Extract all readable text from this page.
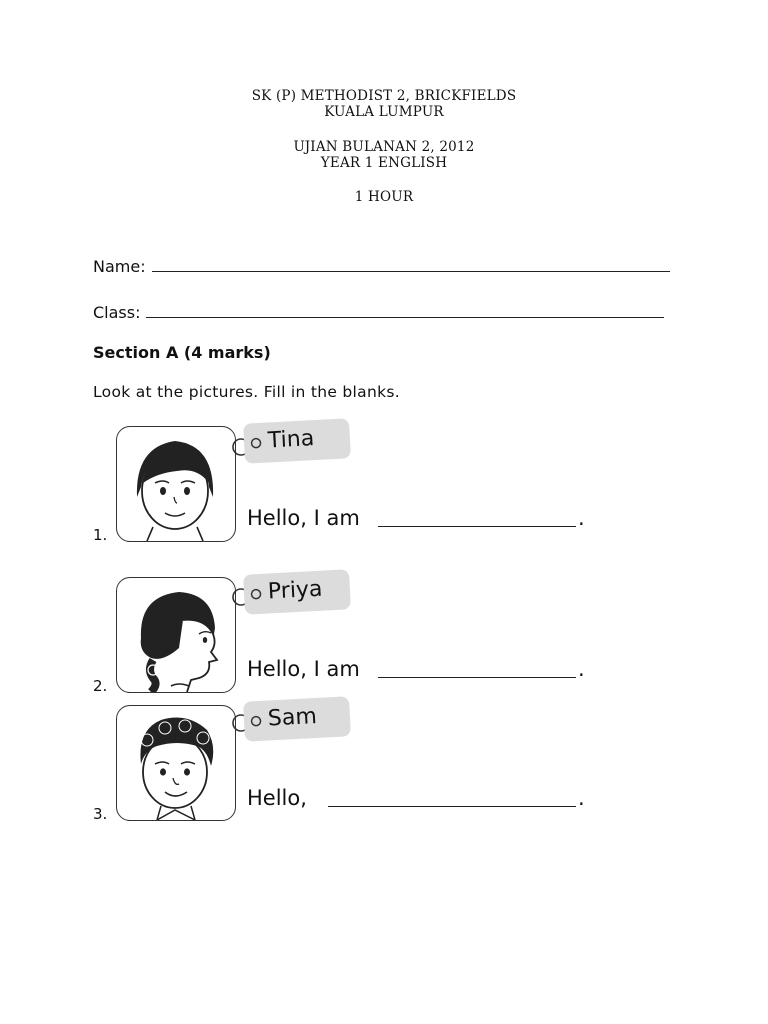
SK (P) METHODIST 2, BRICKFIELDS
KUALA LUMPUR
UJIAN BULANAN 2, 2012
YEAR 1 ENGLISH
1 HOUR
Name:
Class:
Section A (4 marks)
Look at the pictures. Fill in the blanks.
1.
Tina
Hello, I am	.
2.
Priya
Hello, I am	.
3.
Sam
Hello,	.
